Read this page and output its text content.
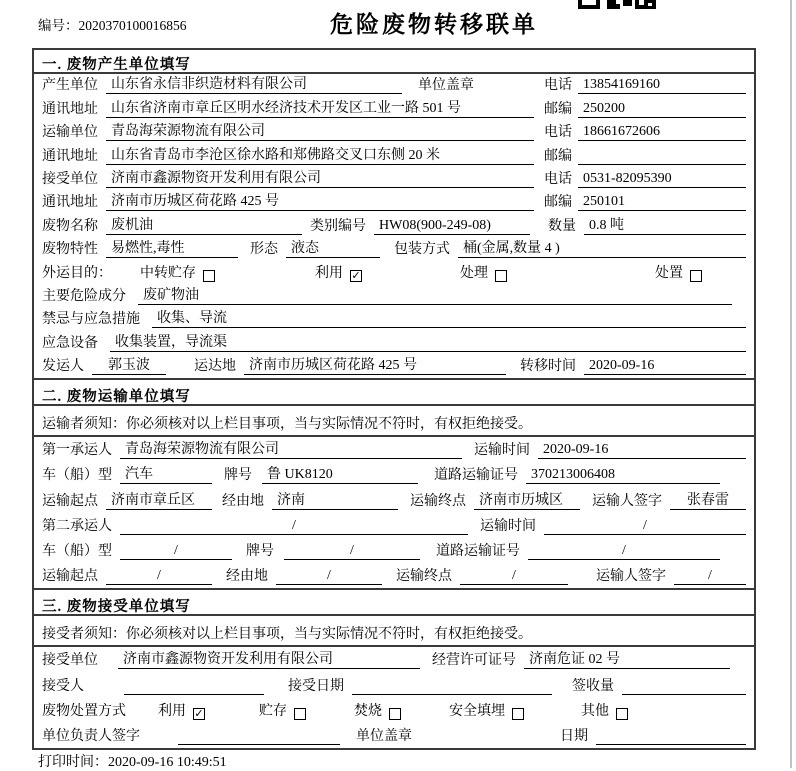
编号：2020370100016856	危险废物转移联单
一. 废物产生单位填写
产生单位 山东省永信非织造材料有限公司	单位盖章	电话 13854169160
通讯地址 山东省济南市章丘区明水经济技术开发区工业一路 501 号	邮编 250200
运输单位 青岛海荣源物流有限公司	电话 18661672606
通讯地址 山东省青岛市李沧区徐水路和郑佛路交叉口东侧 20 米	邮编
接受单位 济南市鑫源物资开发利用有限公司	电话 0531-82095390
通讯地址 济南市历城区荷花路 425 号	邮编 250101
废物名称 废机油	类别编号 HW08(900-249-08)	数量 0.8 吨
废物特性 易燃性,毒性	形态 液态	包装方式 桶(金属,数量 4 )
外运目的： 中转贮存	利用 ✓	处理	处置
主要危险成分	废矿物油
禁忌与应急措施	收集、导流
应急设备	收集装置，导流渠
发运人	郭玉波	运达地 济南市历城区荷花路 425 号	转移时间 2020-09-16
二. 废物运输单位填写
运输者须知：你必须核对以上栏目事项，当与实际情况不符时，有权拒绝接受。
第一承运人 青岛海荣源物流有限公司	运输时间 2020-09-16
车（船）型 汽车	牌号	鲁 UK8120	道路运输证号 370213006408
运输起点 济南市章丘区	经由地 济南	运输终点 济南市历城区	运输人签字	张春雷
第二承运人	/	运输时间	/
车（船）型	/	牌号	/	道路运输证号	/
运输起点	/	经由地	/	运输终点	/	运输人签字	/
三. 废物接受单位填写
接受者须知：你必须核对以上栏目事项，当与实际情况不符时，有权拒绝接受。
接受单位	济南市鑫源物资开发利用有限公司	经营许可证号 济南危证 02 号
接受人	接受日期	签收量
废物处置方式 利用 ✓	贮存	焚烧	安全填埋	其他
单位负责人签字	单位盖章	日期
打印时间：2020-09-16 10:49:51
